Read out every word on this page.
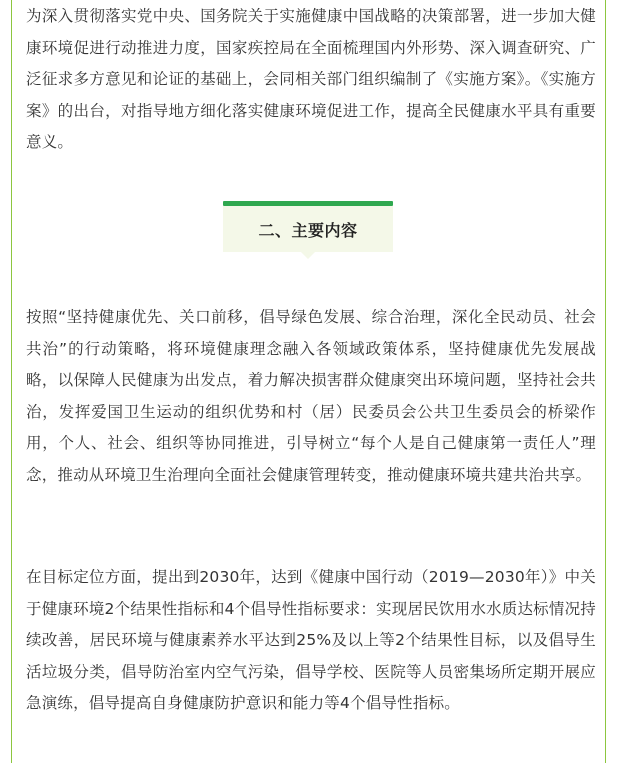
为深入贯彻落实党中央、国务院关于实施健康中国战略的决策部署，进一步加大健康环境促进行动推进力度，国家疾控局在全面梳理国内外形势、深入调查研究、广泛征求多方意见和论证的基础上，会同相关部门组织编制了《实施方案》。《实施方案》的出台，对指导地方细化落实健康环境促进工作，提高全民健康水平具有重要意义。

二、主要内容

按照“坚持健康优先、关口前移，倡导绿色发展、综合治理，深化全民动员、社会共治”的行动策略，将环境健康理念融入各领域政策体系，坚持健康优先发展战略，以保障人民健康为出发点，着力解决损害群众健康突出环境问题，坚持社会共治，发挥爱国卫生运动的组织优势和村（居）民委员会公共卫生委员会的桥梁作用，个人、社会、组织等协同推进，引导树立“每个人是自己健康第一责任人”理念，推动从环境卫生治理向全面社会健康管理转变，推动健康环境共建共治共享。

在目标定位方面，提出到2030年，达到《健康中国行动（2019—2030年）》中关于健康环境2个结果性指标和4个倡导性指标要求：实现居民饮用水水质达标情况持续改善，居民环境与健康素养水平达到25%及以上等2个结果性目标，以及倡导生活垃圾分类，倡导防治室内空气污染，倡导学校、医院等人员密集场所定期开展应急演练，倡导提高自身健康防护意识和能力等4个倡导性指标。
